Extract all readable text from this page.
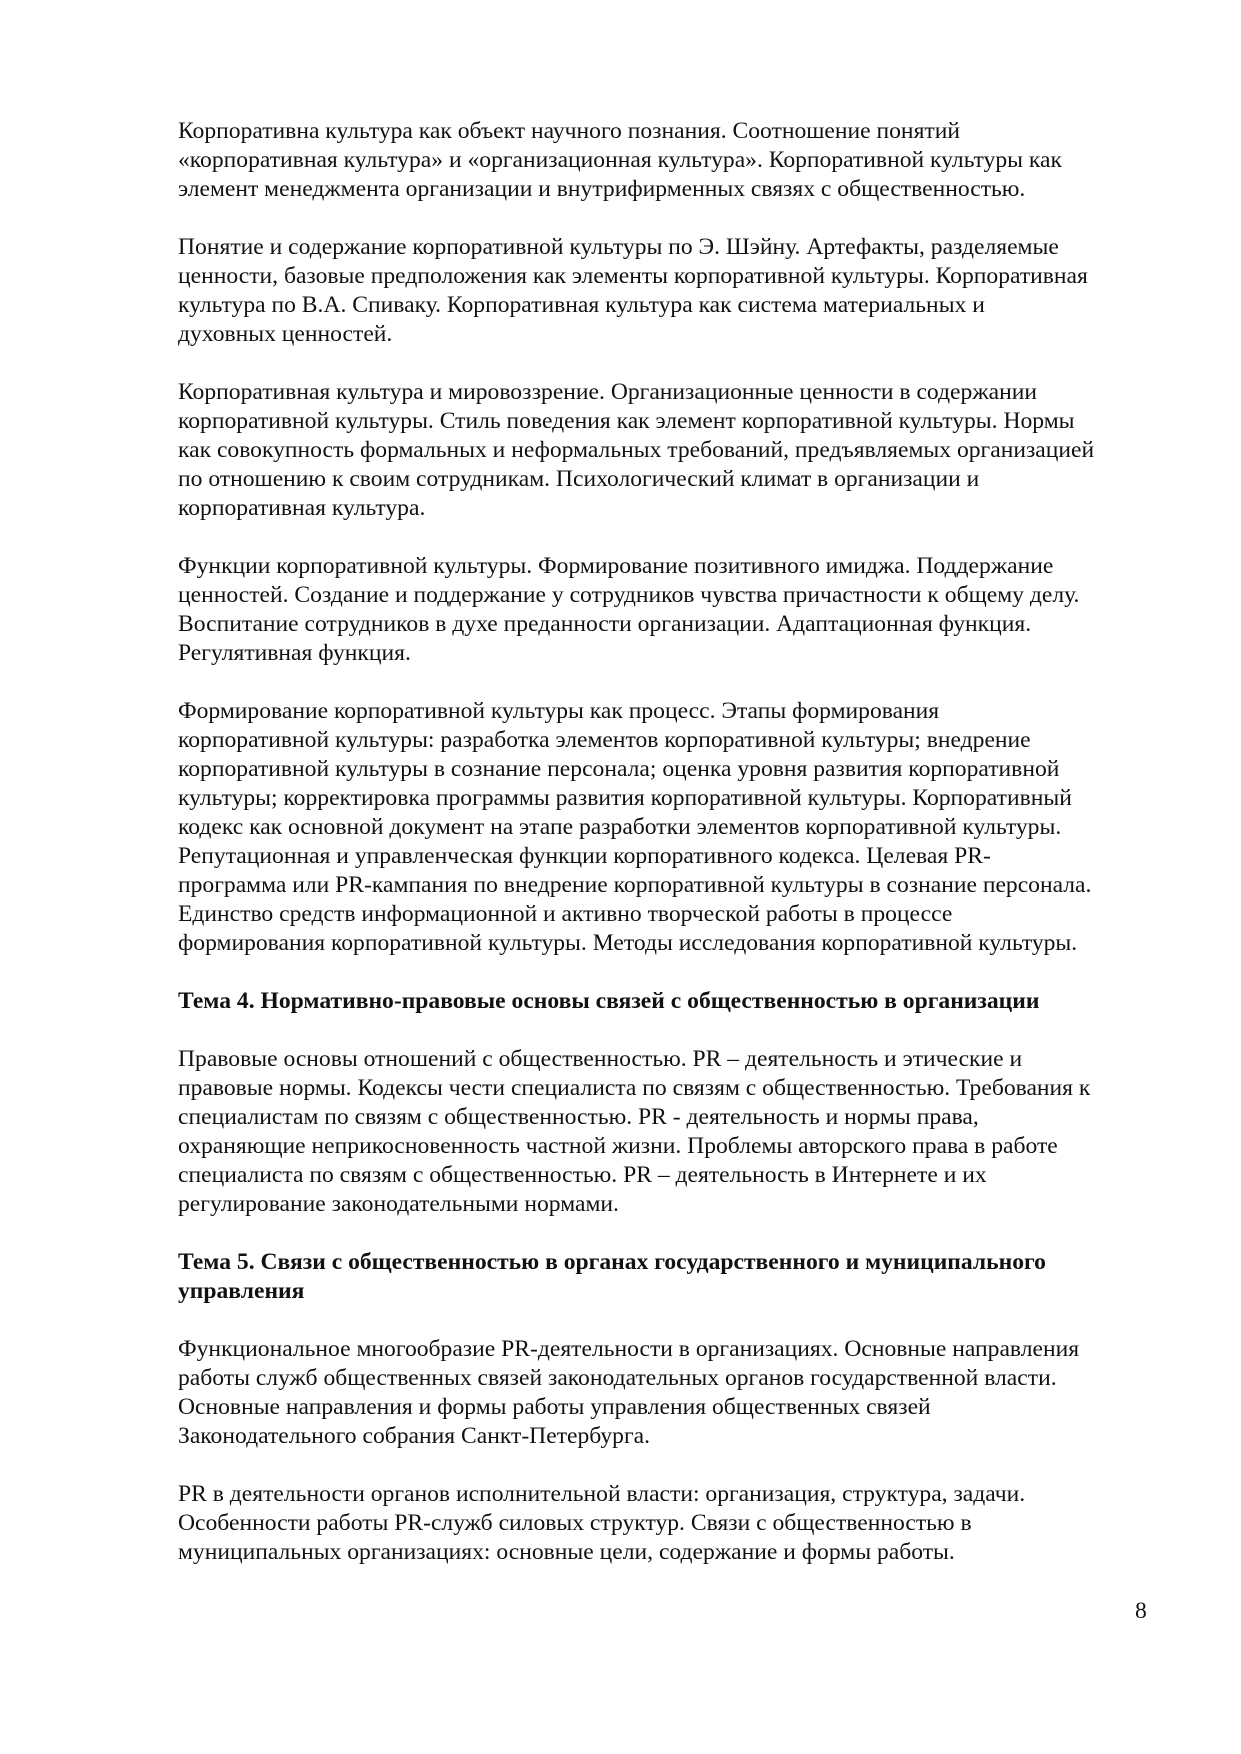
Корпоративна культура как объект научного познания. Соотношение понятий
«корпоративная культура» и «организационная культура». Корпоративной культуры как
элемент менеджмента организации и внутрифирменных связях с общественностью.

Понятие и содержание корпоративной культуры по Э. Шэйну. Артефакты, разделяемые
ценности, базовые предположения как элементы корпоративной культуры. Корпоративная
культура по В.А. Спиваку. Корпоративная культура как система материальных и
духовных ценностей.

Корпоративная культура и мировоззрение. Организационные ценности в содержании
корпоративной культуры. Стиль поведения как элемент корпоративной культуры. Нормы
как совокупность формальных и неформальных требований, предъявляемых организацией
по отношению к своим сотрудникам. Психологический климат в организации и
корпоративная культура.

Функции корпоративной культуры. Формирование позитивного имиджа. Поддержание
ценностей. Создание и поддержание у сотрудников чувства причастности к общему делу.
Воспитание сотрудников в духе преданности организации. Адаптационная функция.
Регулятивная функция.

Формирование корпоративной культуры как процесс. Этапы формирования
корпоративной культуры: разработка элементов корпоративной культуры; внедрение
корпоративной культуры в сознание персонала; оценка уровня развития корпоративной
культуры; корректировка программы развития корпоративной культуры. Корпоративный
кодекс как основной документ на этапе разработки элементов корпоративной культуры.
Репутационная и управленческая функции корпоративного кодекса. Целевая PR-
программа или PR-кампания по внедрение корпоративной культуры в сознание персонала.
Единство средств информационной и активно творческой работы в процессе
формирования корпоративной культуры. Методы исследования корпоративной культуры.

Тема 4. Нормативно-правовые основы связей с общественностью в организации

Правовые основы отношений с общественностью. PR – деятельность и этические и
правовые нормы. Кодексы чести специалиста по связям с общественностью. Требования к
специалистам по связям с общественностью. PR - деятельность и нормы права,
охраняющие неприкосновенность частной жизни. Проблемы авторского права в работе
специалиста по связям с общественностью. PR – деятельность в Интернете и их
регулирование законодательными нормами.

Тема 5. Связи с общественностью в органах государственного и муниципального
управления

Функциональное многообразие PR-деятельности в организациях. Основные направления
работы служб общественных связей законодательных органов государственной власти.
Основные направления и формы работы управления общественных связей
Законодательного собрания Санкт-Петербурга.

PR в деятельности органов исполнительной власти: организация, структура, задачи.
Особенности работы PR-служб силовых структур. Связи с общественностью в
муниципальных организациях: основные цели, содержание и формы работы.

8
